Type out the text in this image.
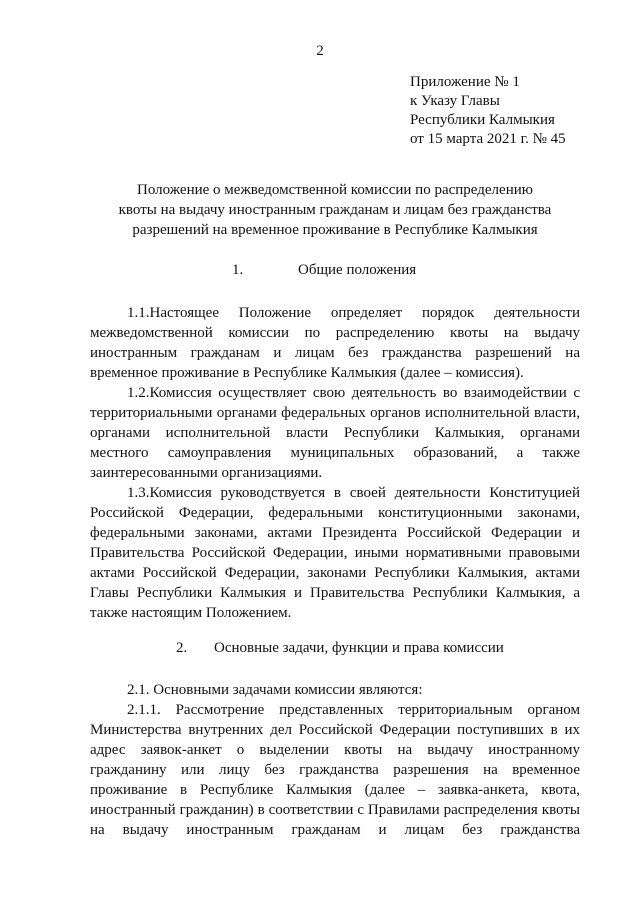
2
Приложение № 1
к Указу Главы
Республики Калмыкия
от 15 марта 2021 г. № 45
Положение о межведомственной комиссии по распределению
квоты на выдачу иностранным гражданам и лицам без гражданства
разрешений на временное проживание в Республике Калмыкия
1.	Общие положения

1.1.Настоящее Положение определяет порядок деятельности межведомственной комиссии по распределению квоты на выдачу иностранным гражданам и лицам без гражданства разрешений на временное проживание в Республике Калмыкия (далее – комиссия).

1.2.Комиссия осуществляет свою деятельность во взаимодействии с территориальными органами федеральных органов исполнительной власти, органами исполнительной власти Республики Калмыкия, органами местного самоуправления муниципальных образований, а также заинтересованными организациями.

1.3.Комиссия руководствуется в своей деятельности Конституцией Российской Федерации, федеральными конституционными законами, федеральными законами, актами Президента Российской Федерации и Правительства Российской Федерации, иными нормативными правовыми актами Российской Федерации, законами Республики Калмыкия, актами Главы Республики Калмыкия и Правительства Республики Калмыкия, а также настоящим Положением.

2. Основные задачи, функции и права комиссии

2.1. Основными задачами комиссии являются:

2.1.1. Рассмотрение представленных территориальным органом Министерства внутренних дел Российской Федерации поступивших в их адрес заявок-анкет о выделении квоты на выдачу иностранному гражданину или лицу без гражданства разрешения на временное проживание в Республике Калмыкия (далее – заявка-анкета, квота, иностранный гражданин) в соответствии с Правилами распределения квоты на выдачу иностранным гражданам и лицам без гражданства
